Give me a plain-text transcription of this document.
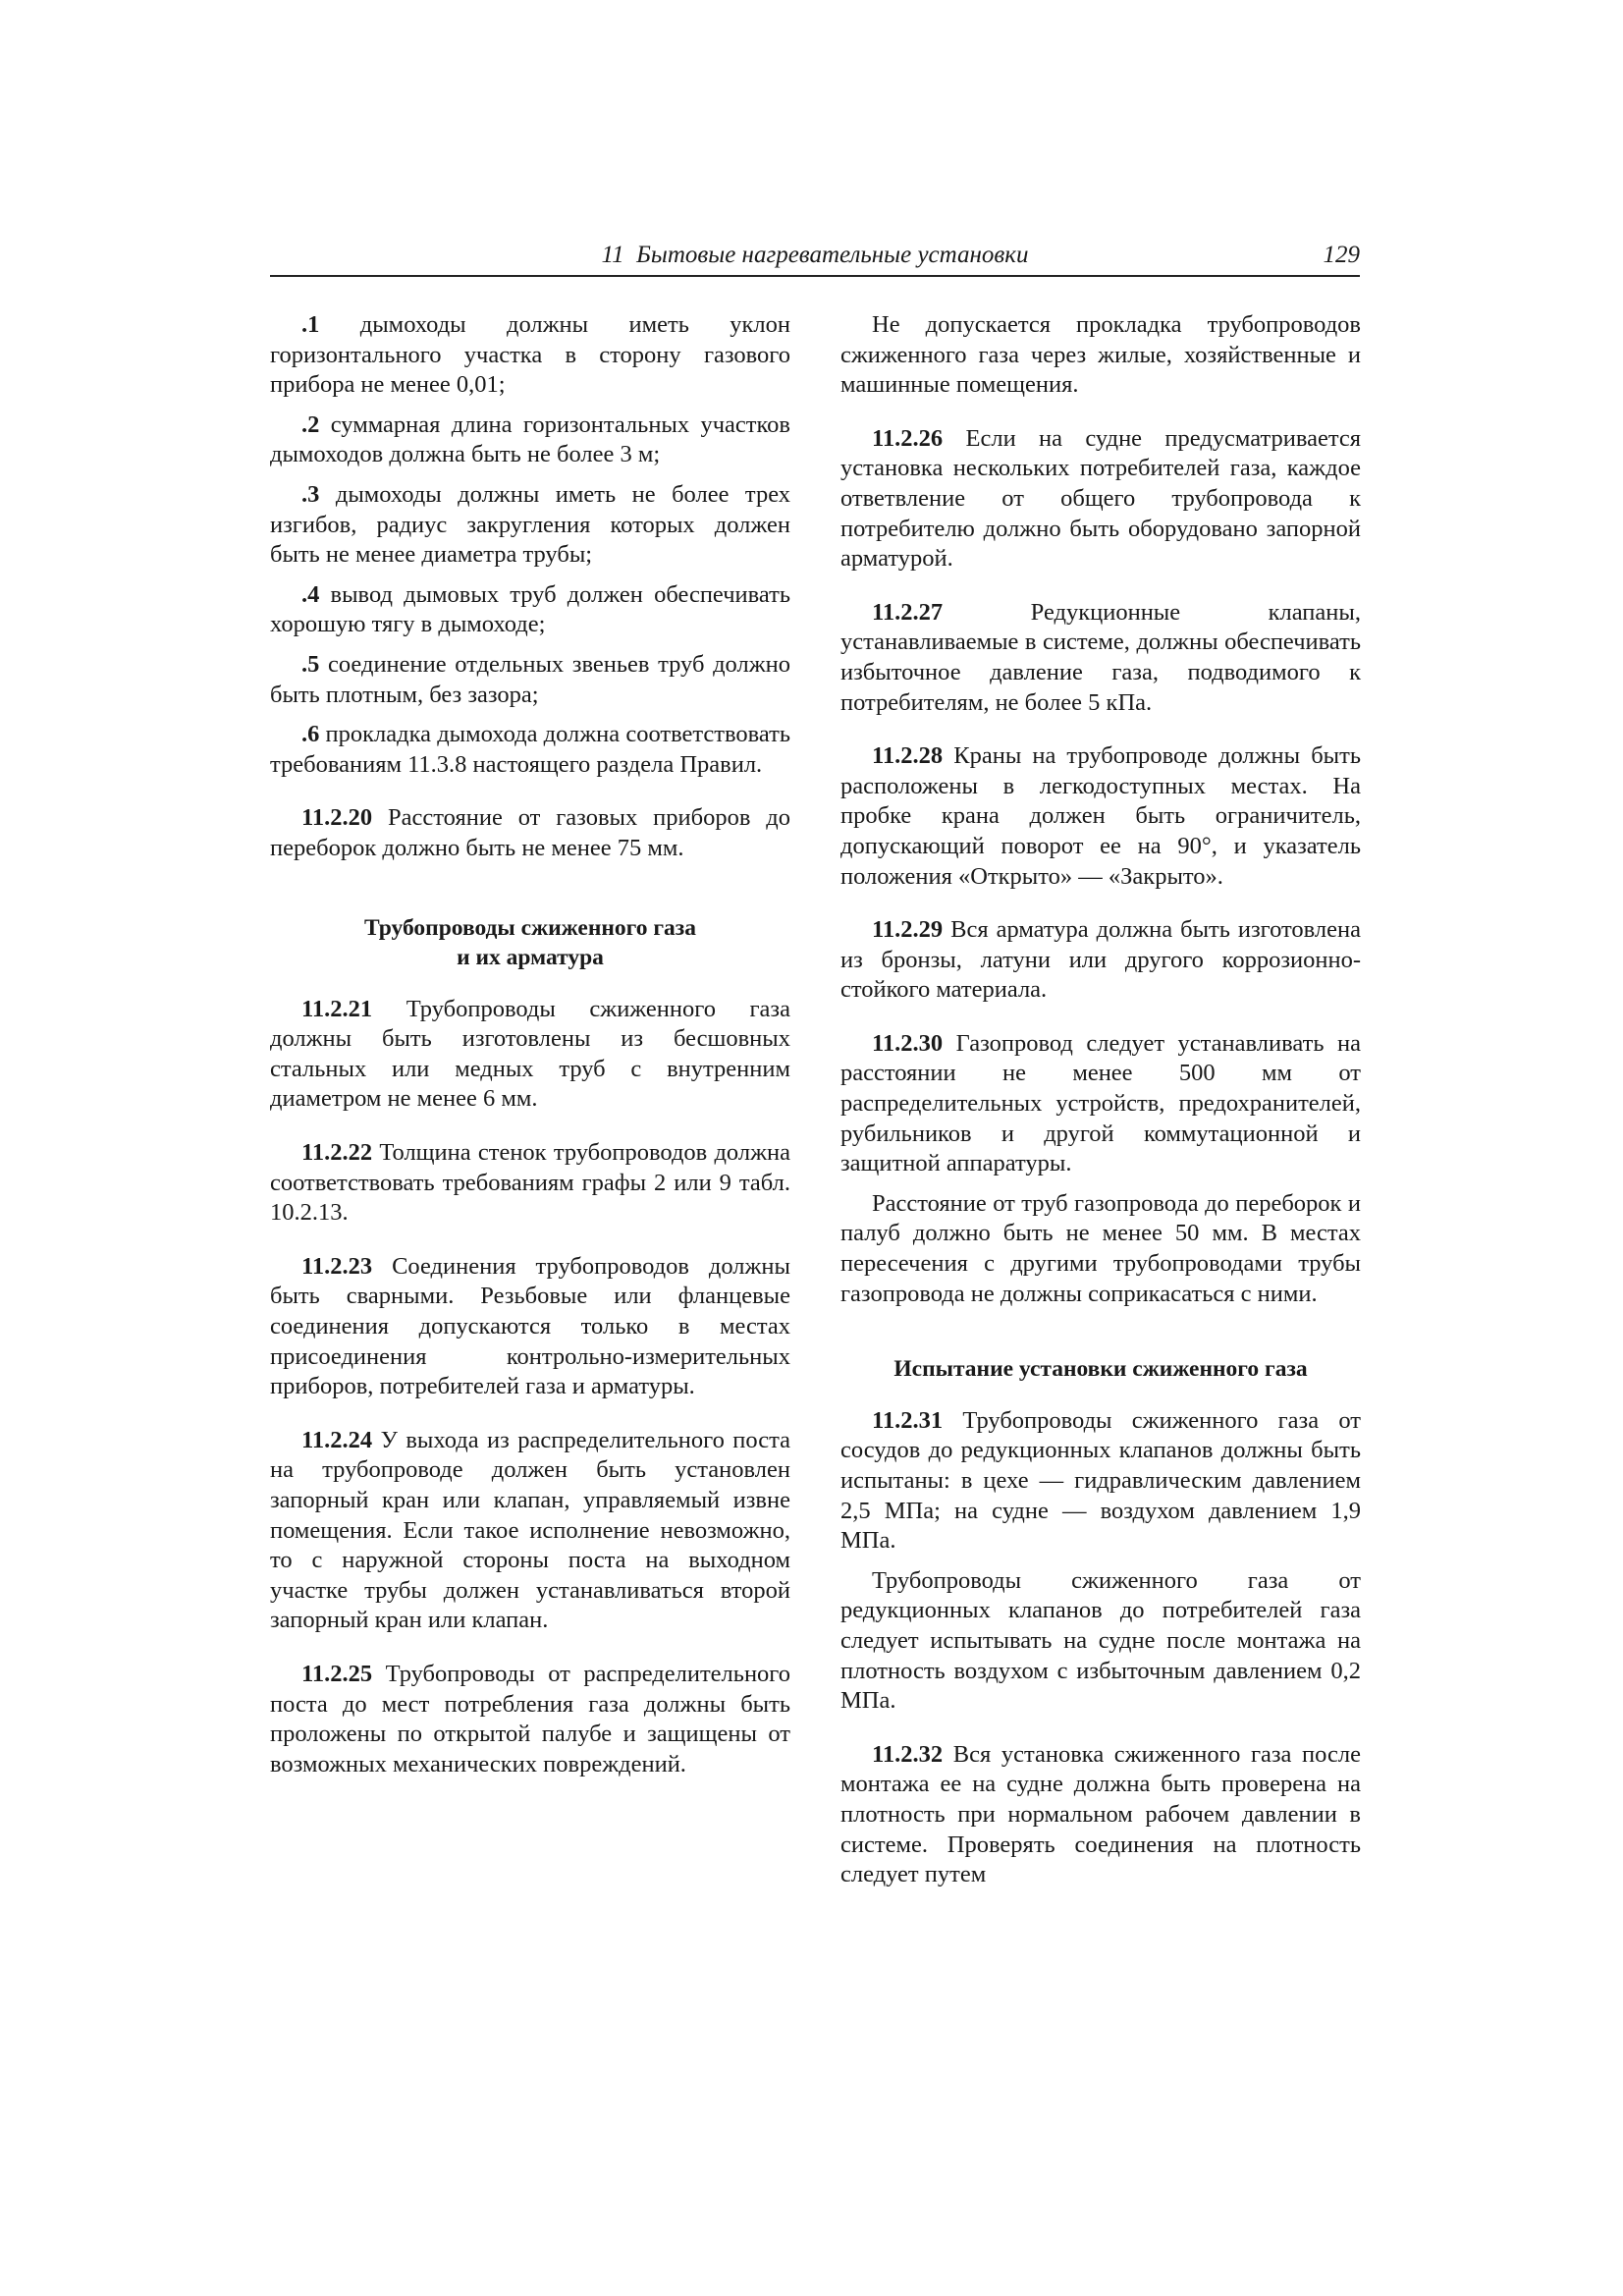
11  Бытовые нагревательные установки	129

.1 дымоходы должны иметь уклон горизонтального участка в сторону газового прибора не менее 0,01;

.2 суммарная длина горизонтальных участков дымоходов должна быть не более 3 м;

.3 дымоходы должны иметь не более трех изгибов, радиус закругления которых должен быть не менее диаметра трубы;

.4 вывод дымовых труб должен обеспечивать хорошую тягу в дымоходе;

.5 соединение отдельных звеньев труб должно быть плотным, без зазора;

.6 прокладка дымохода должна соответствовать требованиям 11.3.8 настоящего раздела Правил.

11.2.20 Расстояние от газовых приборов до переборок должно быть не менее 75 мм.

Трубопроводы сжиженного газа

и их арматура

11.2.21 Трубопроводы сжиженного газа должны быть изготовлены из бесшовных стальных или медных труб с внутренним диаметром не менее 6 мм.

11.2.22 Толщина стенок трубопроводов должна соответствовать требованиям графы 2 или 9 табл. 10.2.13.

11.2.23 Соединения трубопроводов должны быть сварными. Резьбовые или фланцевые соединения допускаются только в местах присоединения контрольно-измерительных приборов, потребителей газа и арматуры.

11.2.24 У выхода из распределительного поста на трубопроводе должен быть установлен запорный кран или клапан, управляемый извне помещения. Если такое исполнение невозможно, то с наружной стороны поста на выходном участке трубы должен устанавливаться второй запорный кран или клапан.

11.2.25 Трубопроводы от распределительного поста до мест потребления газа должны быть проложены по открытой палубе и защищены от возможных механических повреждений.

Не допускается прокладка трубопроводов сжиженного газа через жилые, хозяйственные и машинные помещения.

11.2.26 Если на судне предусматривается установка нескольких потребителей газа, каждое ответвление от общего трубопровода к потребителю должно быть оборудовано запорной арматурой.

11.2.27 Редукционные клапаны, устанавливаемые в системе, должны обеспечивать избыточное давление газа, подводимого к потребителям, не более 5 кПа.

11.2.28 Краны на трубопроводе должны быть расположены в легкодоступных местах. На пробке крана должен быть ограничитель, допускающий поворот ее на 90°, и указатель положения «Открыто» — «Закрыто».

11.2.29 Вся арматура должна быть изготовлена из бронзы, латуни или другого коррозионно-стойкого материала.

11.2.30 Газопровод следует устанавливать на расстоянии не менее 500 мм от распределительных устройств, предохранителей, рубильников и другой коммутационной и защитной аппаратуры.

Расстояние от труб газопровода до переборок и палуб должно быть не менее 50 мм. В местах пересечения с другими трубопроводами трубы газопровода не должны соприкасаться с ними.

Испытание установки сжиженного газа

11.2.31 Трубопроводы сжиженного газа от сосудов до редукционных клапанов должны быть испытаны: в цехе — гидравлическим давлением 2,5 МПа; на судне — воздухом давлением 1,9 МПа.

Трубопроводы сжиженного газа от редукционных клапанов до потребителей газа следует испытывать на судне после монтажа на плотность воздухом с избыточным давлением 0,2 МПа.

11.2.32 Вся установка сжиженного газа после монтажа ее на судне должна быть проверена на плотность при нормальном рабочем давлении в системе. Проверять соединения на плотность следует путем
